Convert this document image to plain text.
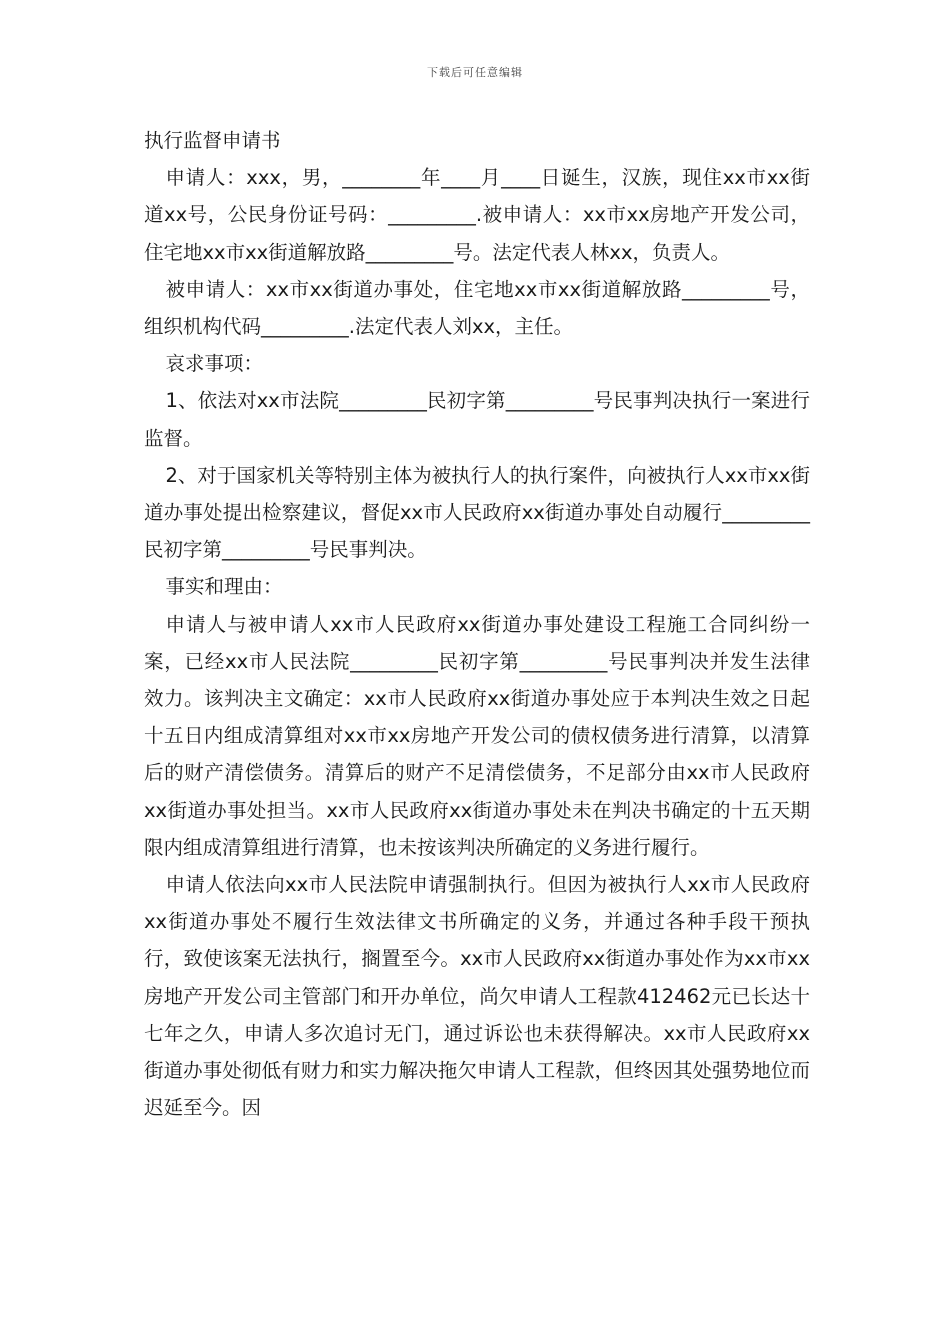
下载后可任意编辑
执行监督申请书

申请人：xxx，男，________年____月____日诞生，汉族，现住xx市xx街道xx号，公民身份证号码：_________.被申请人：xx市xx房地产开发公司，住宅地xx市xx街道解放路_________号。法定代表人林xx，负责人。

被申请人：xx市xx街道办事处，住宅地xx市xx街道解放路_________号，组织机构代码_________.法定代表人刘xx，主任。

哀求事项：

1、依法对xx市法院_________民初字第_________号民事判决执行一案进行监督。

2、对于国家机关等特别主体为被执行人的执行案件，向被执行人xx市xx街道办事处提出检察建议，督促xx市人民政府xx街道办事处自动履行_________民初字第_________号民事判决。

事实和理由：

申请人与被申请人xx市人民政府xx街道办事处建设工程施工合同纠纷一案，已经xx市人民法院_________民初字第_________号民事判决并发生法律效力。该判决主文确定：xx市人民政府xx街道办事处应于本判决生效之日起十五日内组成清算组对xx市xx房地产开发公司的债权债务进行清算，以清算后的财产清偿债务。清算后的财产不足清偿债务，不足部分由xx市人民政府xx街道办事处担当。xx市人民政府xx街道办事处未在判决书确定的十五天期限内组成清算组进行清算，也未按该判决所确定的义务进行履行。

申请人依法向xx市人民法院申请强制执行。但因为被执行人xx市人民政府xx街道办事处不履行生效法律文书所确定的义务，并通过各种手段干预执行，致使该案无法执行，搁置至今。xx市人民政府xx街道办事处作为xx市xx房地产开发公司主管部门和开办单位，尚欠申请人工程款412462元已长达十七年之久，申请人多次追讨无门，通过诉讼也未获得解决。xx市人民政府xx街道办事处彻低有财力和实力解决拖欠申请人工程款，但终因其处强势地位而迟延至今。因
